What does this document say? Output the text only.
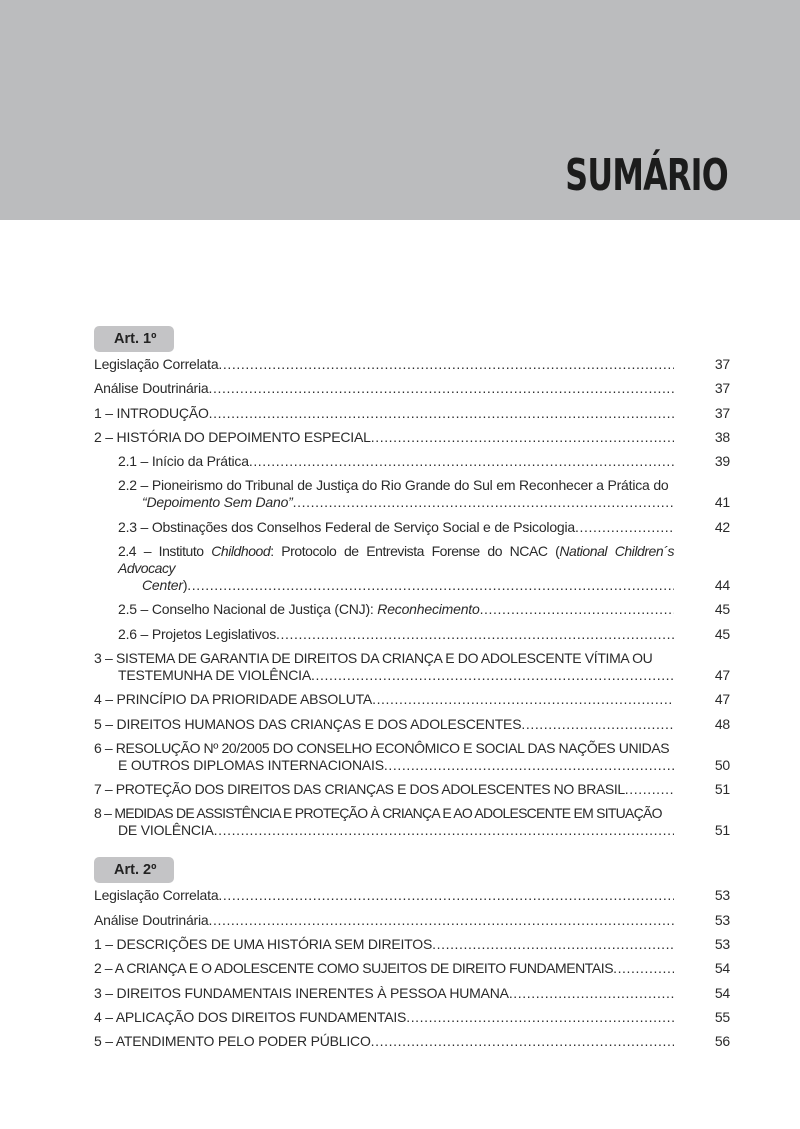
SUMÁRIO
Art. 1º
Legislação Correlata .....	37
Análise Doutrinária .....	37
1 – INTRODUÇÃO .....	37
2 – HISTÓRIA DO DEPOIMENTO ESPECIAL .....	38
2.1 – Início da Prática .....	39
2.2 – Pioneirismo do Tribunal de Justiça do Rio Grande do Sul em Reconhecer a Prática do
“Depoimento Sem Dano” .....	41
2.3 – Obstinações dos Conselhos Federal de Serviço Social e de Psicologia .....	42
2.4 – Instituto Childhood: Protocolo de Entrevista Forense do NCAC (National Children´s Advocacy
Center) .....	44
2.5 – Conselho Nacional de Justiça (CNJ): Reconhecimento .....	45
2.6 – Projetos Legislativos .....	45
3 – SISTEMA DE GARANTIA DE DIREITOS DA CRIANÇA E DO ADOLESCENTE VÍTIMA OU
TESTEMUNHA DE VIOLÊNCIA .....	47
4 – PRINCÍPIO DA PRIORIDADE ABSOLUTA .....	47
5 – DIREITOS HUMANOS DAS CRIANÇAS E DOS ADOLESCENTES .....	48
6 – RESOLUÇÃO Nº 20/2005 DO CONSELHO ECONÔMICO E SOCIAL DAS NAÇÕES UNIDAS
E OUTROS DIPLOMAS INTERNACIONAIS .....	50
7 – PROTEÇÃO DOS DIREITOS DAS CRIANÇAS E DOS ADOLESCENTES NO BRASIL .....	51
8 – MEDIDAS DE ASSISTÊNCIA E PROTEÇÃO À CRIANÇA E AO ADOLESCENTE EM SITUAÇÃO
DE VIOLÊNCIA .....	51
Art. 2º
Legislação Correlata .....	53
Análise Doutrinária .....	53
1 – DESCRIÇÕES DE UMA HISTÓRIA SEM DIREITOS .....	53
2 – A CRIANÇA E O ADOLESCENTE COMO SUJEITOS DE DIREITO FUNDAMENTAIS .....	54
3 – DIREITOS FUNDAMENTAIS INERENTES À PESSOA HUMANA .....	54
4 – APLICAÇÃO DOS DIREITOS FUNDAMENTAIS .....	55
5 – ATENDIMENTO PELO PODER PÚBLICO .....	56
